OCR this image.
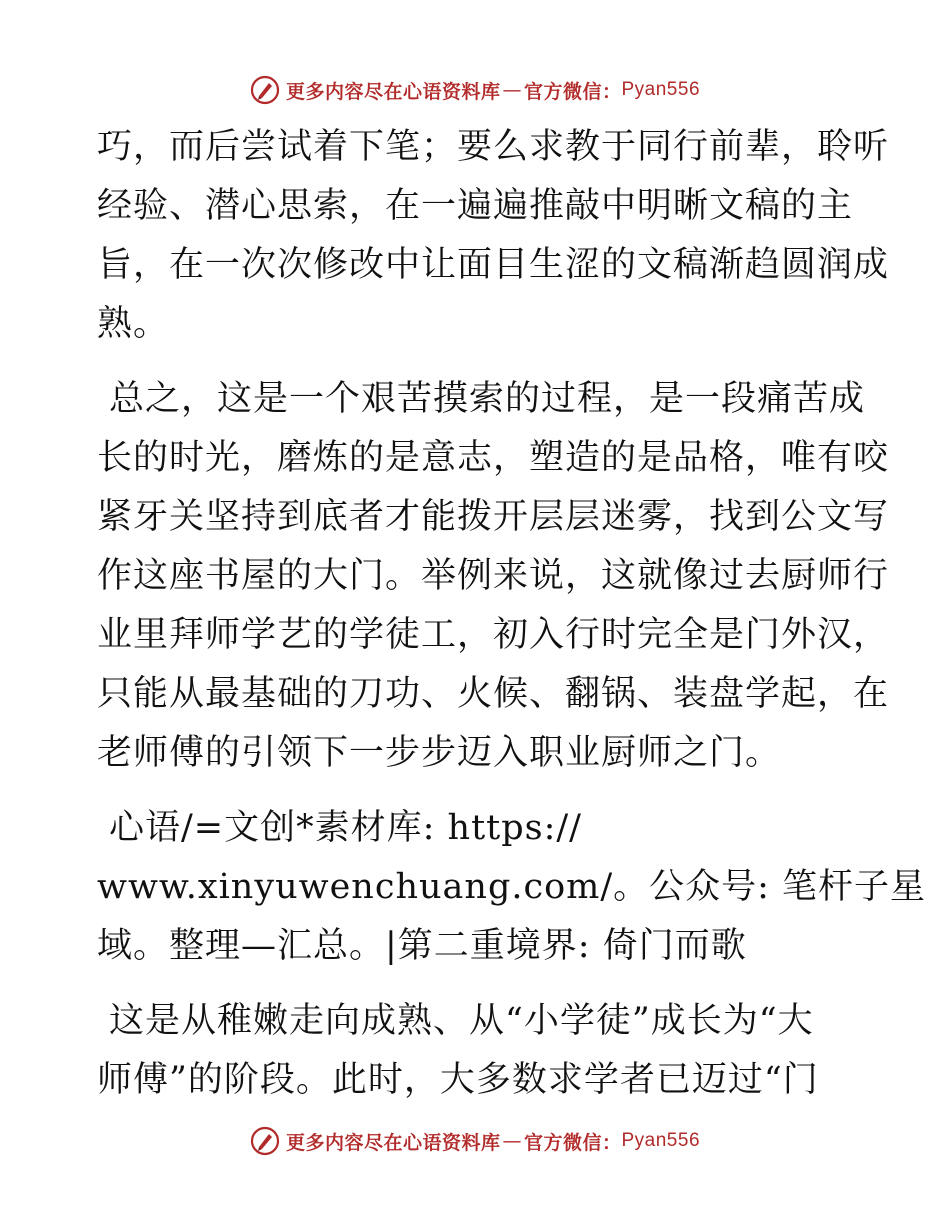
更多内容尽在心语资料库 — 官方微信： Pyan556

巧，而后尝试着下笔；要么求教于同行前辈，聆听
经验、潜心思索，在一遍遍推敲中明晰文稿的主
旨，在一次次修改中让面目生涩的文稿渐趋圆润成
熟。

总之，这是一个艰苦摸索的过程，是一段痛苦成
长的时光，磨炼的是意志，塑造的是品格，唯有咬
紧牙关坚持到底者才能拨开层层迷雾，找到公文写
作这座书屋的大门。举例来说，这就像过去厨师行
业里拜师学艺的学徒工，初入行时完全是门外汉，
只能从最基础的刀功、火候、翻锅、装盘学起，在
老师傅的引领下一步步迈入职业厨师之门。

心语/=文创*素材库: https://
www.xinyuwenchuang.com/。公众号: 笔杆子星
域。整理—汇总。|第二重境界: 倚门而歌

这是从稚嫩走向成熟、从“小学徒”成长为“大
师傅”的阶段。此时，大多数求学者已迈过“门

更多内容尽在心语资料库 — 官方微信： Pyan556
